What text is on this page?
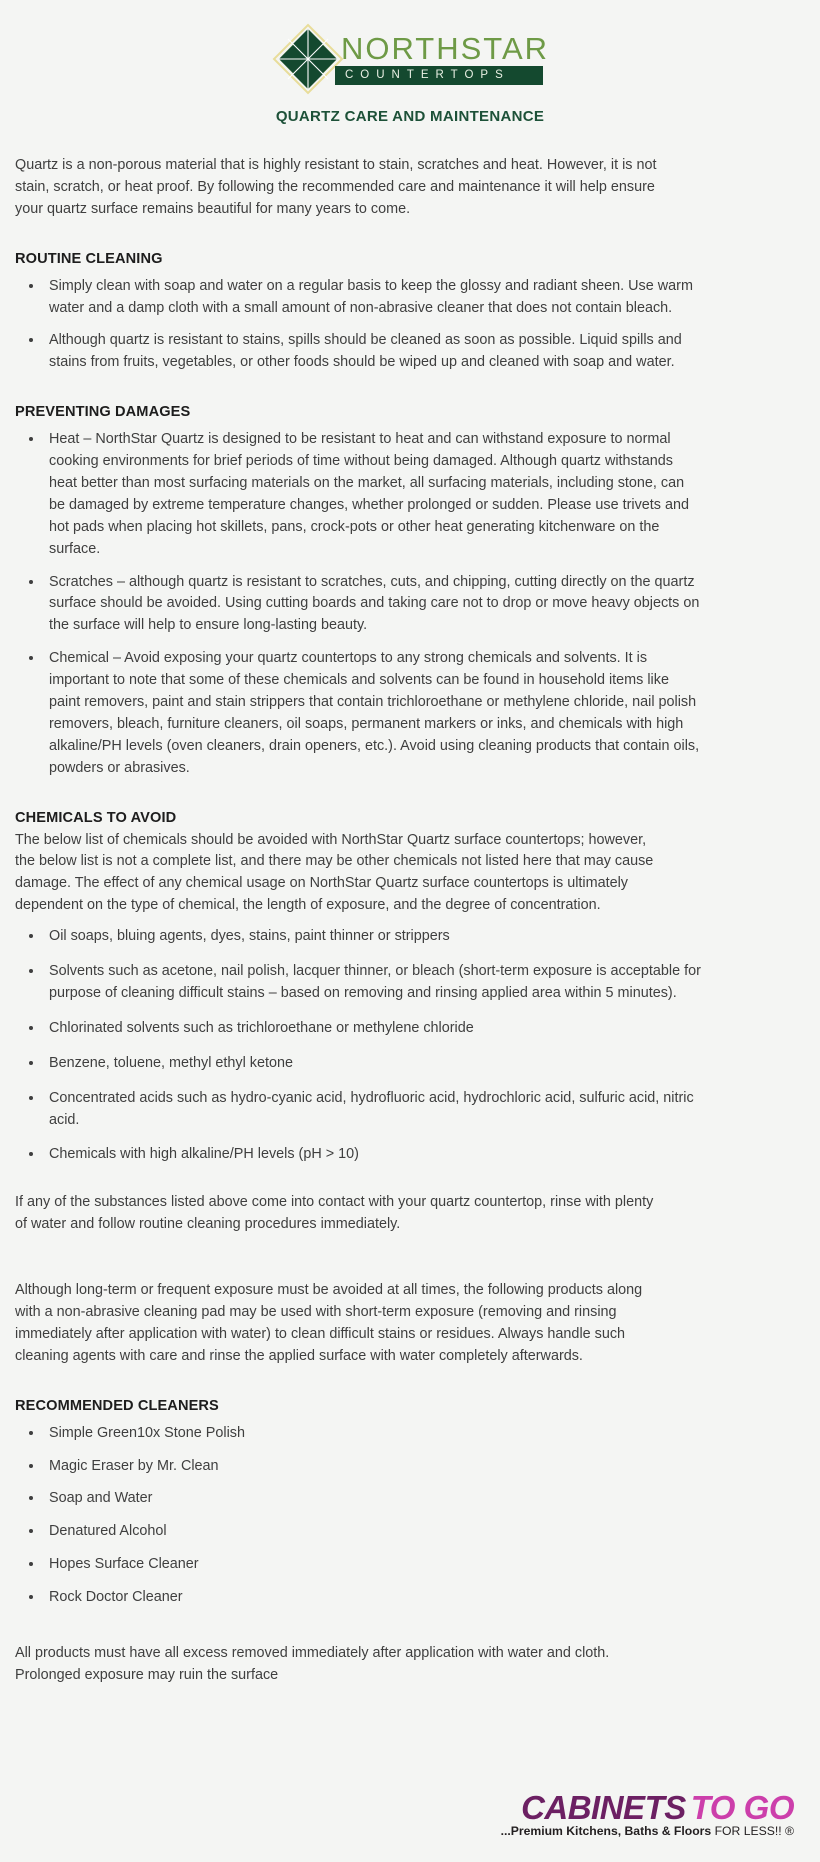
NORTHSTAR
COUNTERTOPS
QUARTZ CARE AND MAINTENANCE

Quartz is a non-porous material that is highly resistant to stain, scratches and heat. However, it is not stain, scratch, or heat proof. By following the recommended care and maintenance it will help ensure your quartz surface remains beautiful for many years to come.

ROUTINE CLEANING
Simply clean with soap and water on a regular basis to keep the glossy and radiant sheen. Use warm water and a damp cloth with a small amount of non-abrasive cleaner that does not contain bleach.
Although quartz is resistant to stains, spills should be cleaned as soon as possible. Liquid spills and stains from fruits, vegetables, or other foods should be wiped up and cleaned with soap and water.
PREVENTING DAMAGES
Heat – NorthStar Quartz is designed to be resistant to heat and can withstand exposure to normal cooking environments for brief periods of time without being damaged. Although quartz withstands heat better than most surfacing materials on the market, all surfacing materials, including stone, can be damaged by extreme temperature changes, whether prolonged or sudden. Please use trivets and hot pads when placing hot skillets, pans, crock-pots or other heat generating kitchenware on the surface.
Scratches – although quartz is resistant to scratches, cuts, and chipping, cutting directly on the quartz surface should be avoided. Using cutting boards and taking care not to drop or move heavy objects on the surface will help to ensure long-lasting beauty.
Chemical – Avoid exposing your quartz countertops to any strong chemicals and solvents. It is important to note that some of these chemicals and solvents can be found in household items like paint removers, paint and stain strippers that contain trichloroethane or methylene chloride, nail polish removers, bleach, furniture cleaners, oil soaps, permanent markers or inks, and chemicals with high alkaline/PH levels (oven cleaners, drain openers, etc.). Avoid using cleaning products that contain oils, powders or abrasives.
CHEMICALS TO AVOID

The below list of chemicals should be avoided with NorthStar Quartz surface countertops; however, the below list is not a complete list, and there may be other chemicals not listed here that may cause damage. The effect of any chemical usage on NorthStar Quartz surface countertops is ultimately dependent on the type of chemical, the length of exposure, and the degree of concentration.

Oil soaps, bluing agents, dyes, stains, paint thinner or strippers
Solvents such as acetone, nail polish, lacquer thinner, or bleach (short-term exposure is acceptable for purpose of cleaning difficult stains – based on removing and rinsing applied area within 5 minutes).
Chlorinated solvents such as trichloroethane or methylene chloride
Benzene, toluene, methyl ethyl ketone
Concentrated acids such as hydro-cyanic acid, hydrofluoric acid, hydrochloric acid, sulfuric acid, nitric acid.
Chemicals with high alkaline/PH levels (pH > 10)

If any of the substances listed above come into contact with your quartz countertop, rinse with plenty of water and follow routine cleaning procedures immediately.

Although long-term or frequent exposure must be avoided at all times, the following products along with a non-abrasive cleaning pad may be used with short-term exposure (removing and rinsing immediately after application with water) to clean difficult stains or residues. Always handle such cleaning agents with care and rinse the applied surface with water completely afterwards.

RECOMMENDED CLEANERS
Simple Green10x Stone Polish
Magic Eraser by Mr. Clean
Soap and Water
Denatured Alcohol
Hopes Surface Cleaner
Rock Doctor Cleaner

All products must have all excess removed immediately after application with water and cloth. Prolonged exposure may ruin the surface

CABINETS TO GO
...Premium Kitchens, Baths & Floors FOR LESS!! ®
